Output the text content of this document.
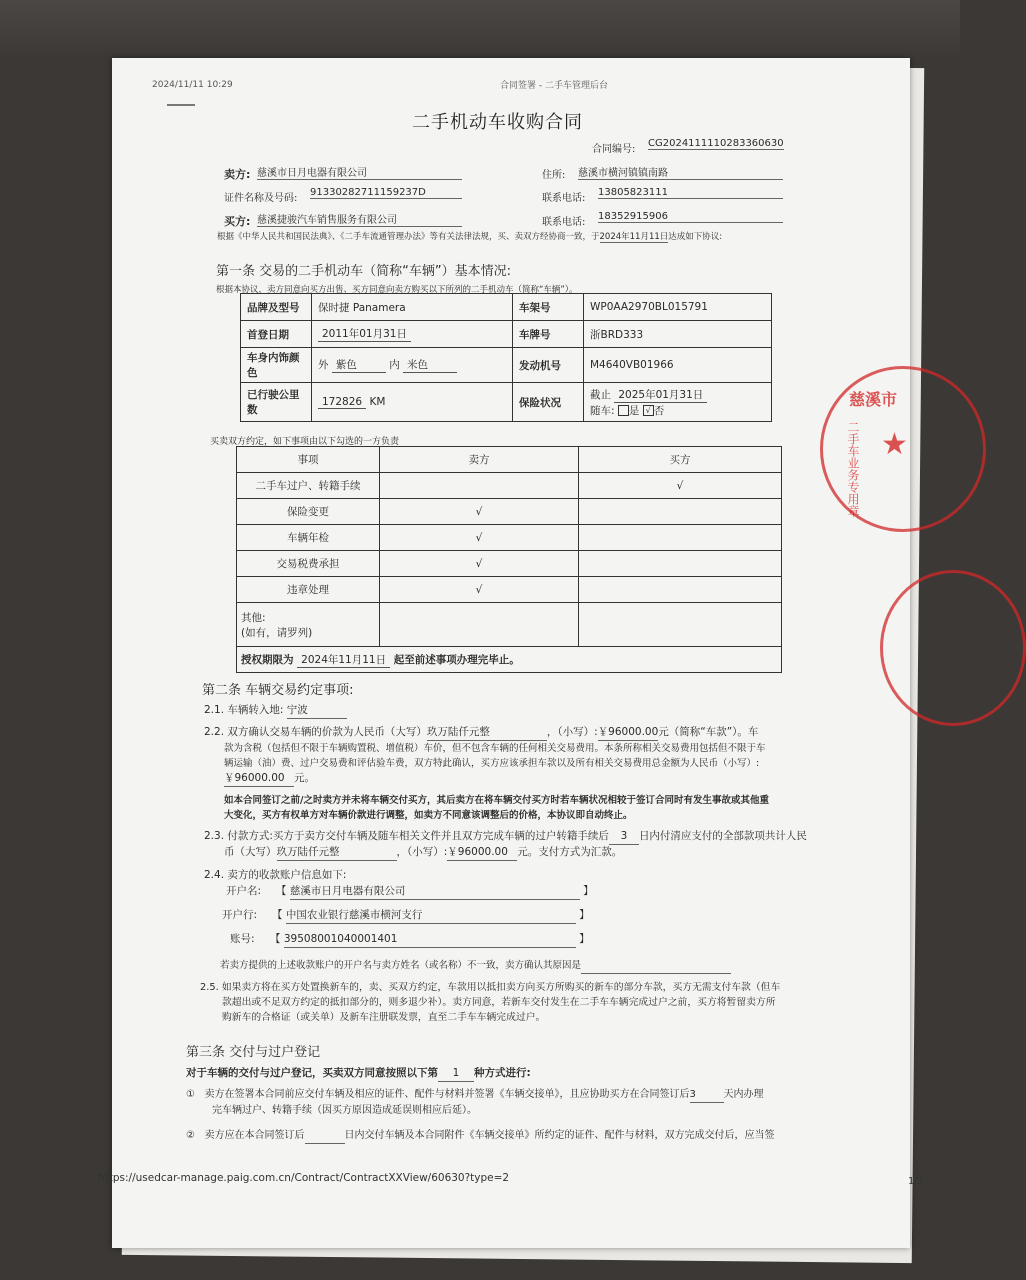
2024/11/11 10:29	合同签署 - 二手车管理后台
二手机动车收购合同
合同编号:
CG2024111110283360630
卖方: 慈溪市日月电器有限公司	住所: 慈溪市横河镇镇南路
证件名称及号码:
91330282711159237D
联系电话:
13805823111
买方: 慈溪捷骏汽车销售服务有限公司	联系电话:
18352915906
根据《中华人民共和国民法典》、《二手车流通管理办法》等有关法律法规，买、卖双方经协商一致，于2024年11月11日达成如下协议:
第一条 交易的二手机动车（简称“车辆”）基本情况:
根据本协议，卖方同意向买方出售、买方同意向卖方购买以下所列的二手机动车（简称“车辆”）。
品牌及型号	保时捷 Panamera	车架号	WP0AA2970BL015791
首登日期	2011年01月31日	车牌号	浙BRD333
车身内饰颜色	外 紫色 内 米色	发动机号	M4640VB01966
已行驶公里数	172826 KM	保险状况	截止 2025年01月31日
随车: 是 √ 否
买卖双方约定，如下事项由以下勾选的一方负责
事项	卖方	买方
二手车过户、转籍手续		√
保险变更	√	
车辆年检	√	
交易税费承担	√	
违章处理	√	

其他:
(如有，请罗列)		

授权期限为 2024年11月11日 起至前述事项办理完毕止。		
第二条 车辆交易约定事项:
2.1. 车辆转入地: 宁波
2.2. 双方确认交易车辆的价款为人民币（大写）玖万陆仟元整	，（小写）:￥96000.00元（简称“车款”）。车
款为含税（包括但不限于车辆购置税、增值税）车价，但不包含车辆的任何相关交易费用。本条所称相关交易费用包括但不限于车
辆运输（油）费、过户交易费和评估验车费，双方特此确认，买方应该承担车款以及所有相关交易费用总金额为人民币（小写）:
￥96000.00 元。
如本合同签订之前/之时卖方并未将车辆交付买方，其后卖方在将车辆交付买方时若车辆状况相较于签订合同时有发生事故或其他重
大变化，买方有权单方对车辆价款进行调整，如卖方不同意该调整后的价格，本协议即自动终止。
2.3. 付款方式:买方于卖方交付车辆及随车相关文件并且双方完成车辆的过户转籍手续后 3 日内付清应支付的全部款项共计人民
币（大写）玖万陆仟元整	，（小写）:￥96000.00 元。支付方式为汇款。
2.4. 卖方的收款账户信息如下:
开户名: 【 慈溪市日月电器有限公司	】
开户行: 【 中国农业银行慈溪市横河支行	】
账号: 【 39508001040001401	】
若卖方提供的上述收款账户的开户名与卖方姓名（或名称）不一致，卖方确认其原因是
2.5. 如果卖方将在买方处置换新车的，卖、买双方约定，车款用以抵扣卖方向买方所购买的新车的部分车款，买方无需支付车款（但车
款超出或不足双方约定的抵扣部分的，则多退少补）。卖方同意，若新车交付发生在二手车车辆完成过户之前，买方将暂留卖方所
购新车的合格证（或关单）及新车注册联发票，直至二手车车辆完成过户。
第三条 交付与过户登记
对于车辆的交付与过户登记，买卖双方同意按照以下第 1 种方式进行:
① 卖方在签署本合同前应交付车辆及相应的证件、配件与材料并签署《车辆交接单》，且应协助买方在合同签订后3	天内办理
完车辆过户、转籍手续（因买方原因造成延误则相应后延）。
② 卖方应在本合同签订后	日内交付车辆及本合同附件《车辆交接单》所约定的证件、配件与材料，双方完成交付后，应当签
https://usedcar-manage.paig.com.cn/Contract/ContractXXView/60630?type=2	1/2
慈溪市
二手车业务专用章 ★
